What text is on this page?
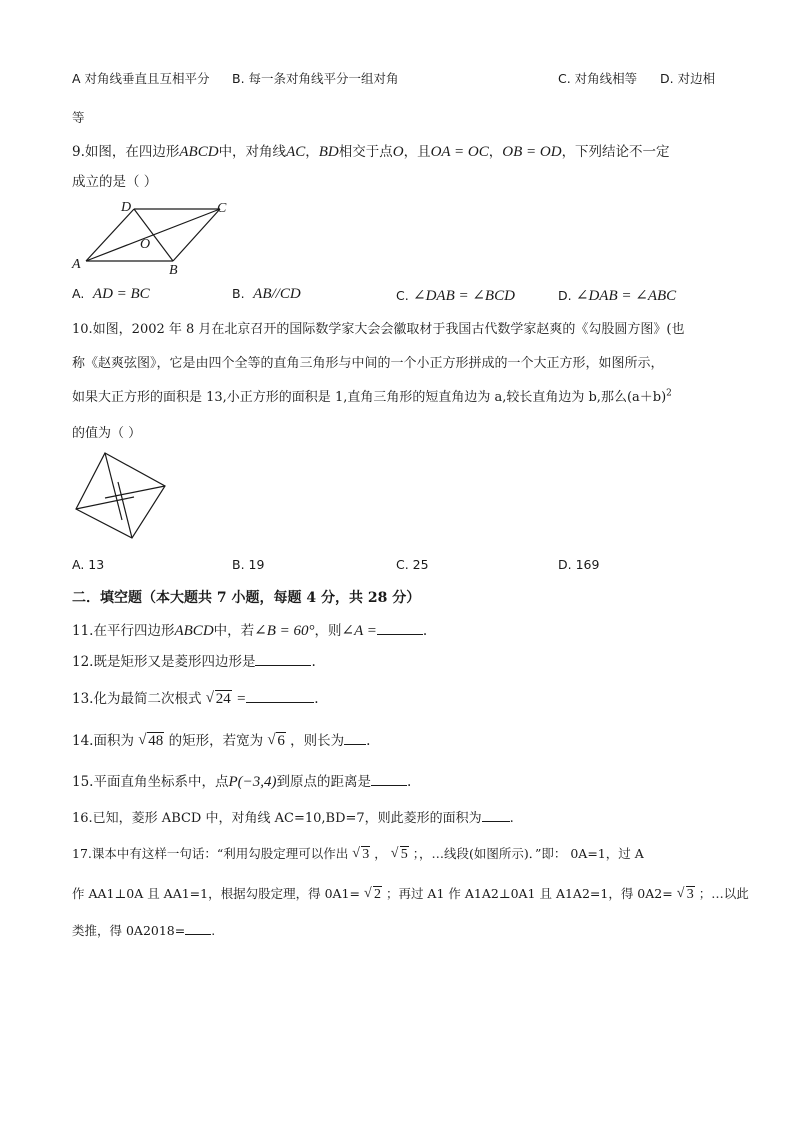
A 对角线垂直且互相平分 B. 每一条对角线平分一组对角	C. 对角线相等 D. 对边相
等
9.如图，在四边形ABCD中，对角线AC，BD相交于点O，且OA = OC，OB = OD，下列结论不一定
成立的是（ ）
A	B
C
D
O
A. AD = BC	B. AB//CD	C. ∠DAB = ∠BCD	D. ∠DAB = ∠ABC
10.如图，2002 年 8 月在北京召开的国际数学家大会会徽取材于我国古代数学家赵爽的《勾股圆方图》(也
称《赵爽弦图》，它是由四个全等的直角三角形与中间的一个小正方形拼成的一个大正方形，如图所示，
如果大正方形的面积是 13,小正方形的面积是 1,直角三角形的短直角边为 a,较长直角边为 b,那么$(a+b)^2$
的值为（ ）
A. 13	B. 19	C. 25	D. 169
二．填空题（本大题共 7 小题，每题 4 分，共 28 分）
11.在平行四边形ABCD中，若∠B = 60°，则∠A =	.
12.既是矩形又是菱形四边形是	.
13.化为最简二次根式 √ 24 =	.
14.面积为 √ 48 的矩形，若宽为 √ 6 ，则长为 .
15.平面直角坐标系中，点P(−3,4)到原点的距离是	.
16.已知，菱形 ABCD 中，对角线 AC=10,BD=7，则此菱形的面积为 .
17.课本中有这样一句话：“利用勾股定理可以作出 √ 3 ， √ 5 ；，…线段(如图所示)．”即： 0A=1，过 A
作 AA1⊥0A 且 AA1=1，根据勾股定理，得 0A1= √ 2 ；再过 A1 作 A1A2⊥0A1 且 A1A2=1，得 0A2= √ 3 ；…以此
类推，得 0A2018= .
